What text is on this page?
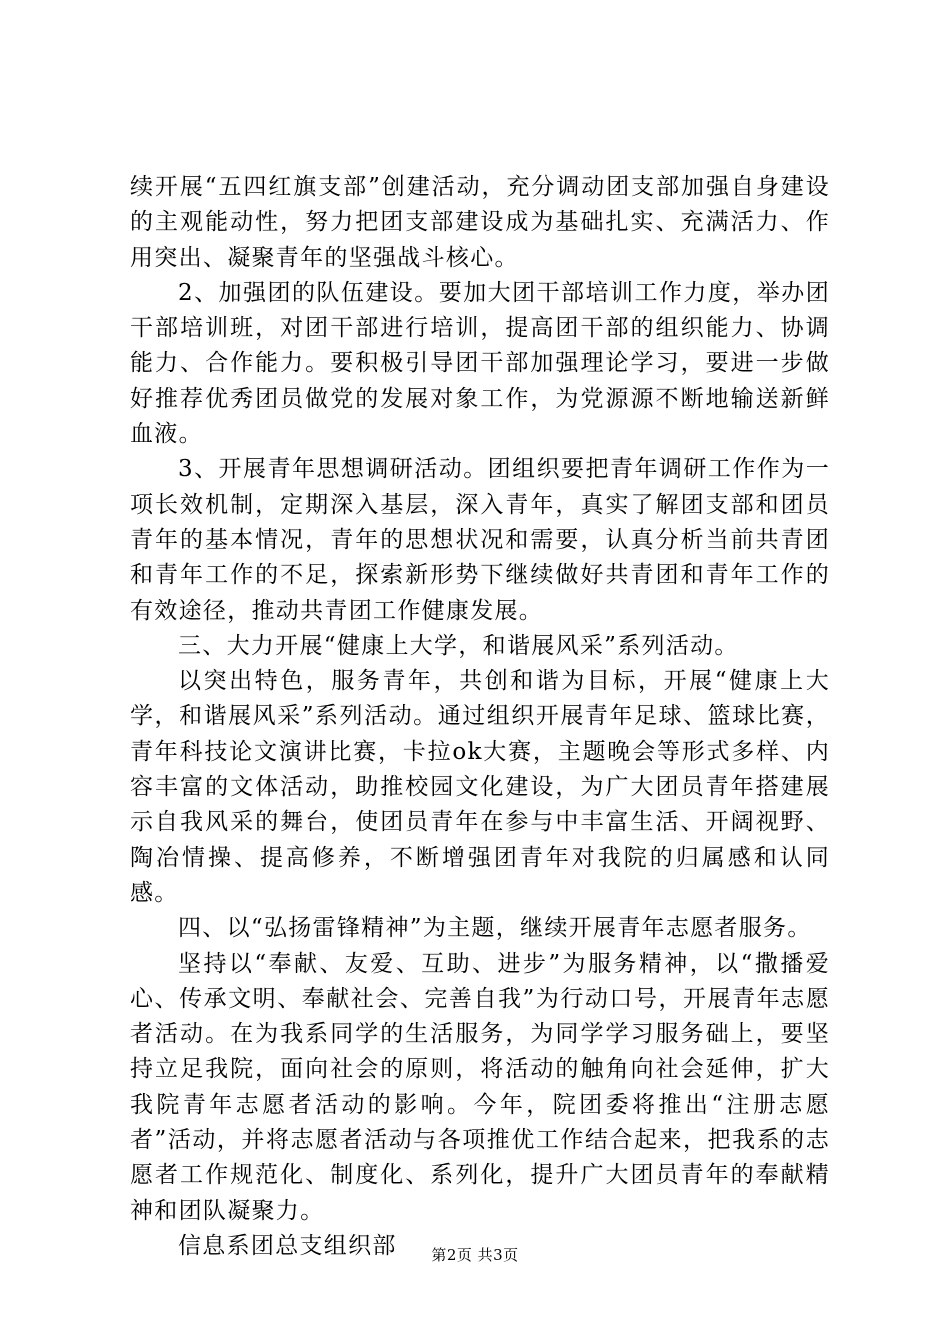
续开展“五四红旗支部”创建活动，充分调动团支部加强自身建设的主观能动性，努力把团支部建设成为基础扎实、充满活力、作用突出、凝聚青年的坚强战斗核心。

2、加强团的队伍建设。要加大团干部培训工作力度，举办团干部培训班，对团干部进行培训，提高团干部的组织能力、协调能力、合作能力。要积极引导团干部加强理论学习，要进一步做好推荐优秀团员做党的发展对象工作，为党源源不断地输送新鲜血液。

3、开展青年思想调研活动。团组织要把青年调研工作作为一项长效机制，定期深入基层，深入青年，真实了解团支部和团员青年的基本情况，青年的思想状况和需要，认真分析当前共青团和青年工作的不足，探索新形势下继续做好共青团和青年工作的有效途径，推动共青团工作健康发展。

三、大力开展“健康上大学，和谐展风采”系列活动。

以突出特色，服务青年，共创和谐为目标，开展“健康上大学，和谐展风采”系列活动。通过组织开展青年足球、篮球比赛，青年科技论文演讲比赛，卡拉ok大赛，主题晚会等形式多样、内容丰富的文体活动，助推校园文化建设，为广大团员青年搭建展示自我风采的舞台，使团员青年在参与中丰富生活、开阔视野、陶冶情操、提高修养，不断增强团青年对我院的归属感和认同感。

四、以“弘扬雷锋精神”为主题，继续开展青年志愿者服务。

坚持以“奉献、友爱、互助、进步”为服务精神，以“撒播爱心、传承文明、奉献社会、完善自我”为行动口号，开展青年志愿者活动。在为我系同学的生活服务，为同学学习服务础上，要坚持立足我院，面向社会的原则，将活动的触角向社会延伸，扩大我院青年志愿者活动的影响。今年，院团委将推出“注册志愿者”活动，并将志愿者活动与各项推优工作结合起来，把我系的志愿者工作规范化、制度化、系列化，提升广大团员青年的奉献精神和团队凝聚力。

信息系团总支组织部	第2页 共3页
